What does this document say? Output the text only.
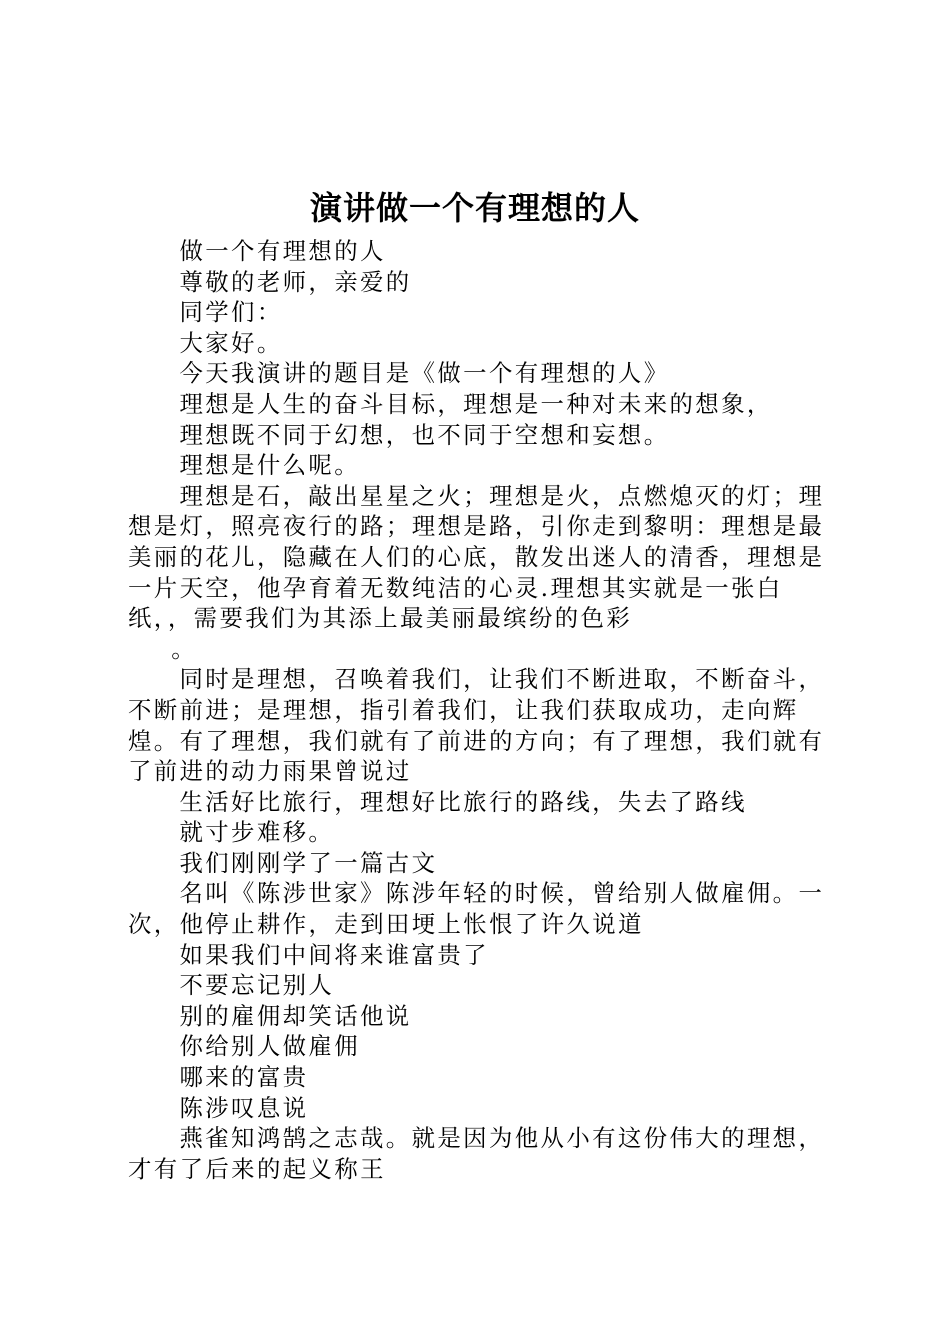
演讲做一个有理想的人

做一个有理想的人

尊敬的老师，亲爱的

同学们：

大家好。

今天我演讲的题目是《做一个有理想的人》

理想是人生的奋斗目标，理想是一种对未来的想象，

理想既不同于幻想，也不同于空想和妄想。

理想是什么呢。

理想是石，敲出星星之火；理想是火，点燃熄灭的灯；理想是灯，照亮夜行的路；理想是路，引你走到黎明：理想是最美丽的花儿，隐藏在人们的心底，散发出迷人的清香，理想是一片天空，他孕育着无数纯洁的心灵.理想其实就是一张白纸，，需要我们为其添上最美丽最缤纷的色彩

。

同时是理想，召唤着我们，让我们不断进取，不断奋斗，不断前进；是理想，指引着我们，让我们获取成功，走向辉煌。有了理想，我们就有了前进的方向；有了理想，我们就有了前进的动力雨果曾说过

生活好比旅行，理想好比旅行的路线，失去了路线

就寸步难移。

我们刚刚学了一篇古文

名叫《陈涉世家》陈涉年轻的时候，曾给别人做雇佣。一次，他停止耕作，走到田埂上怅恨了许久说道

如果我们中间将来谁富贵了

不要忘记别人

别的雇佣却笑话他说

你给别人做雇佣

哪来的富贵

陈涉叹息说

燕雀知鸿鹄之志哉。就是因为他从小有这份伟大的理想，才有了后来的起义称王
